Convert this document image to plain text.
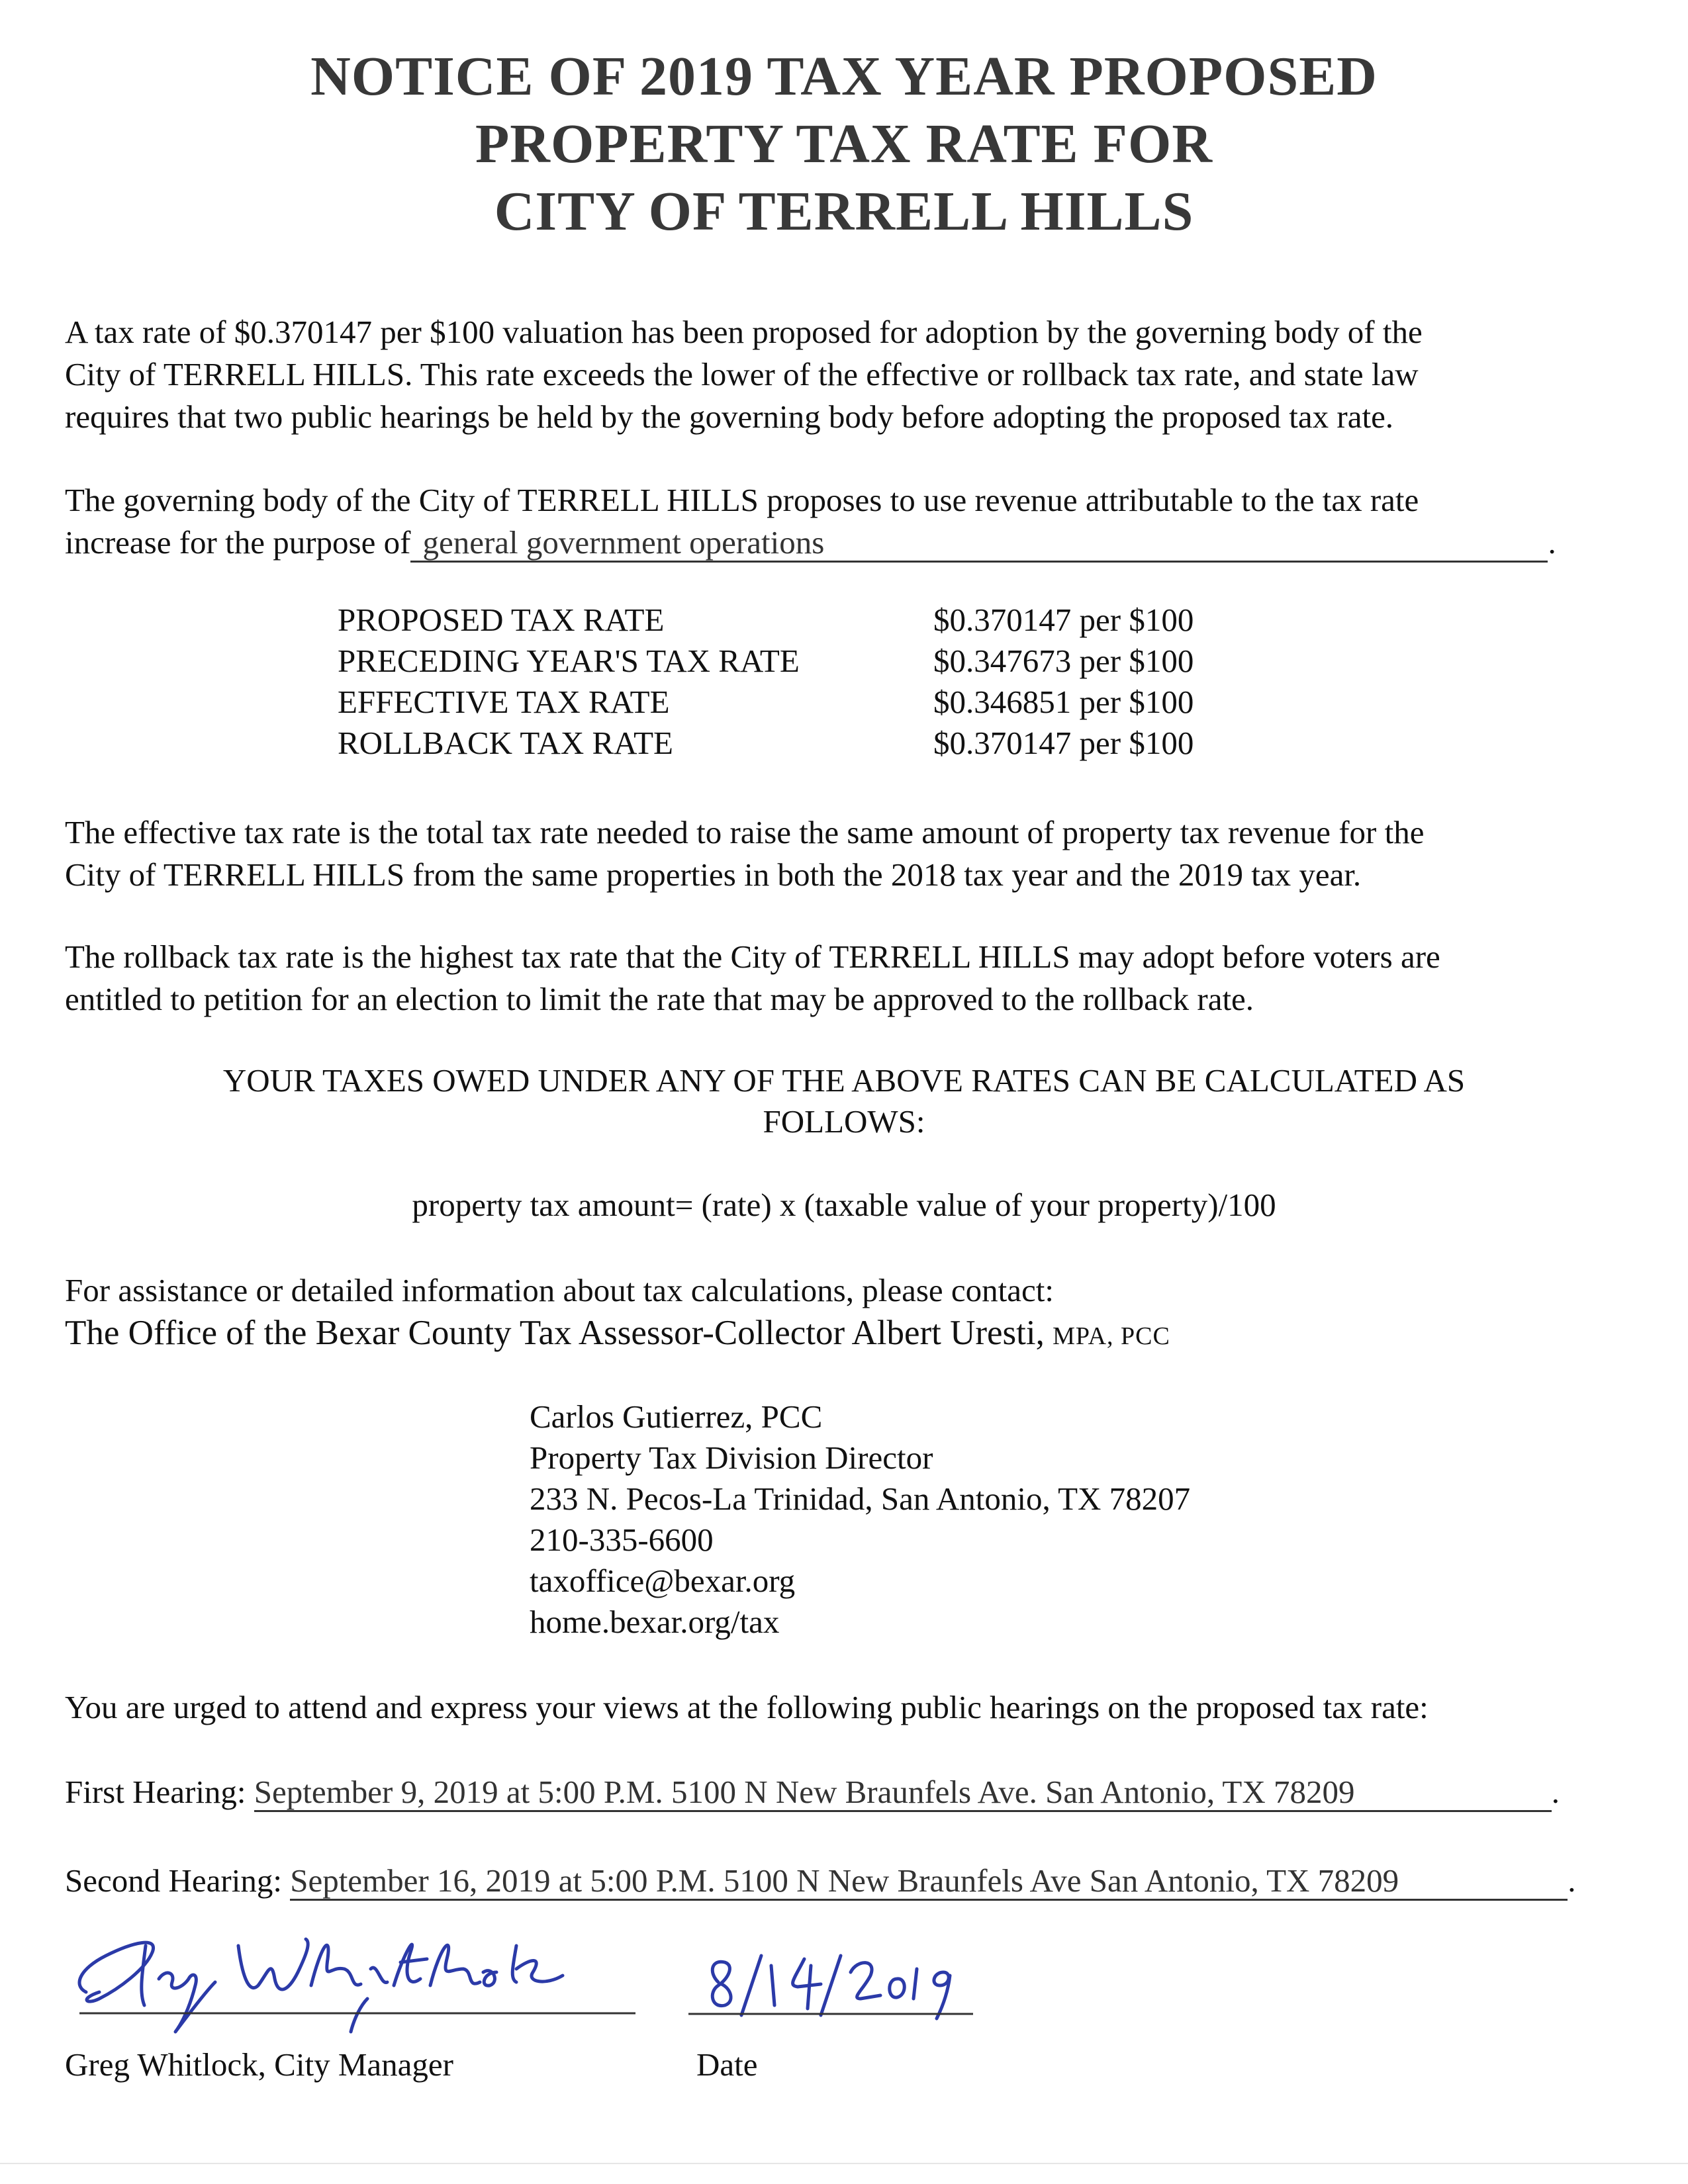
NOTICE OF 2019 TAX YEAR PROPOSED
PROPERTY TAX RATE FOR
CITY OF TERRELL HILLS
A tax rate of $0.370147 per $100 valuation has been proposed for adoption by the governing body of the
City of TERRELL HILLS. This rate exceeds the lower of the effective or rollback tax rate, and state law
requires that two public hearings be held by the governing body before adopting the proposed tax rate.
The governing body of the City of TERRELL HILLS proposes to use revenue attributable to the tax rate
increase for the purpose of general government operations	.
PROPOSED TAX RATE	$0.370147 per $100
PRECEDING YEAR'S TAX RATE	$0.347673 per $100
EFFECTIVE TAX RATE	$0.346851 per $100
ROLLBACK TAX RATE	$0.370147 per $100
The effective tax rate is the total tax rate needed to raise the same amount of property tax revenue for the
City of TERRELL HILLS from the same properties in both the 2018 tax year and the 2019 tax year.
The rollback tax rate is the highest tax rate that the City of TERRELL HILLS may adopt before voters are
entitled to petition for an election to limit the rate that may be approved to the rollback rate.
YOUR TAXES OWED UNDER ANY OF THE ABOVE RATES CAN BE CALCULATED AS
FOLLOWS:
property tax amount= (rate) x (taxable value of your property)/100
For assistance or detailed information about tax calculations, please contact:
The Office of the Bexar County Tax Assessor-Collector Albert Uresti, MPA, PCC
Carlos Gutierrez, PCC
Property Tax Division Director
233 N. Pecos-La Trinidad, San Antonio, TX 78207
210-335-6600
taxoffice@bexar.org
home.bexar.org/tax
You are urged to attend and express your views at the following public hearings on the proposed tax rate:
First Hearing: September 9, 2019 at 5:00 P.M. 5100 N New Braunfels Ave. San Antonio, TX 78209	.
Second Hearing: September 16, 2019 at 5:00 P.M. 5100 N New Braunfels Ave San Antonio, TX 78209	.
Greg Whitlock, City Manager	Date
